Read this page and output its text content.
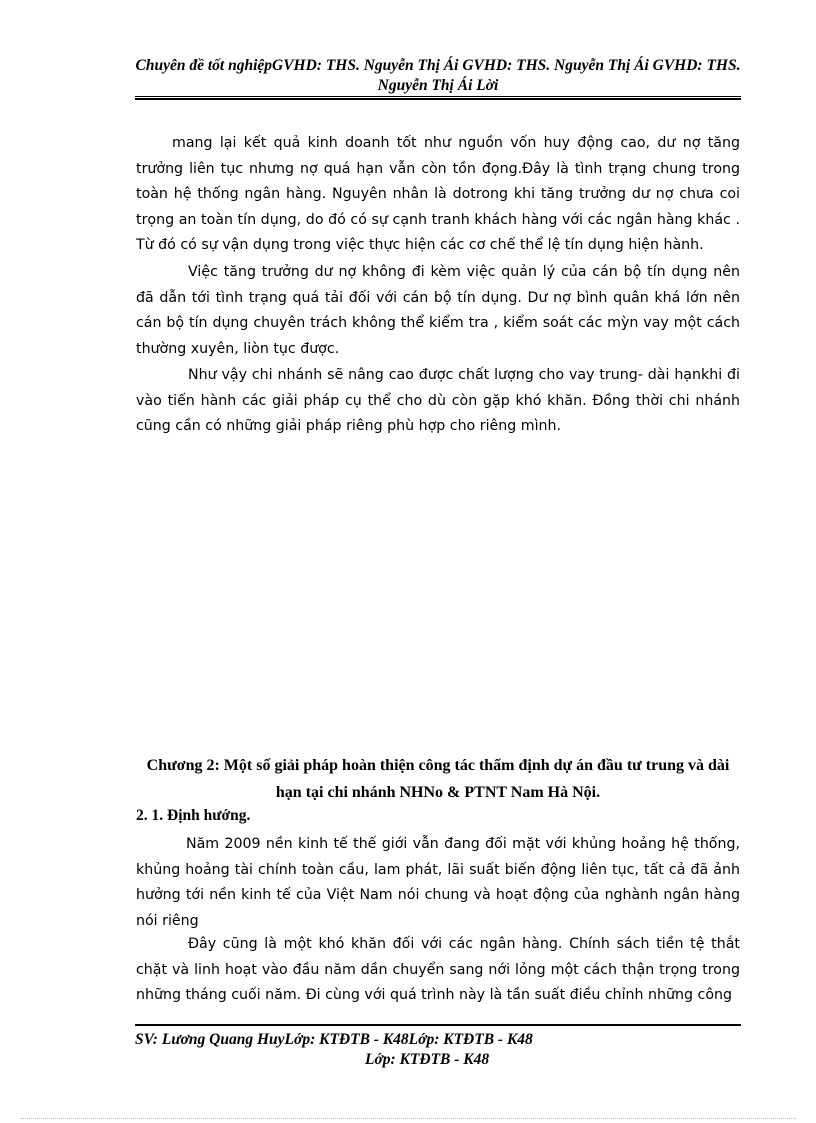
Chuyên đề tốt nghiệpGVHD: THS. Nguyễn Thị Ái GVHD: THS. Nguyễn Thị Ái GVHD: THS. Nguyễn Thị Ái Lời
mang lại kết quả kinh doanh tốt như nguồn vốn huy động cao, dư nợ tăng trưởng liên tục nhưng nợ quá hạn vẫn còn tồn đọng.Đây là tình trạng chung trong toàn hệ thống ngân hàng. Nguyên nhân là dotrong khi tăng trưởng dư nợ chưa coi trọng an toàn tín dụng, do đó có sự cạnh tranh khách hàng với các ngân hàng khác . Từ đó có sự vận dụng trong việc thực hiện các cơ chế thể lệ tín dụng hiện hành.
Việc tăng trưởng dư nợ không đi kèm việc quản lý của cán bộ tín dụng nên đã dẫn tới tình trạng quá tải đối với cán bộ tín dụng. Dư nợ bình quân khá lớn nên cán bộ tín dụng chuyên trách không thể kiểm tra , kiểm soát các mỳn vay một cách thường xuyên, liòn tục được.
Như vậy chi nhánh sẽ nâng cao được chất lượng cho vay trung- dài hạnkhi đi vào tiến hành các giải pháp cụ thể cho dù còn gặp khó khăn. Đồng thời chi nhánh cũng cần có những giải pháp riêng phù hợp cho riêng mình.
Chương 2: Một số giải pháp hoàn thiện công tác thẩm định dự án đầu tư trung và dài hạn tại chi nhánh NHNo & PTNT Nam Hà Nội.
2. 1. Định hướng.
Năm 2009 nền kinh tế thế giới vẫn đang đối mặt với khủng hoảng hệ thống, khủng hoảng tài chính toàn cầu, lam phát, lãi suất biến động liên tục, tất cả đã ảnh hưởng tới nền kinh tế của Việt Nam nói chung và hoạt động của nghành ngân hàng nói riêng
Đây cũng là một khó khăn đối với các ngân hàng. Chính sách tiền tệ thắt chặt và linh hoạt vào đầu năm dần chuyển sang nới lỏng một cách thận trọng trong những tháng cuối năm. Đi cùng với quá trình này là tần suất điều chỉnh những công
SV: Lương Quang HuyLớp: KTĐTB - K48Lớp: KTĐTB - K48
Lớp: KTĐTB - K48
